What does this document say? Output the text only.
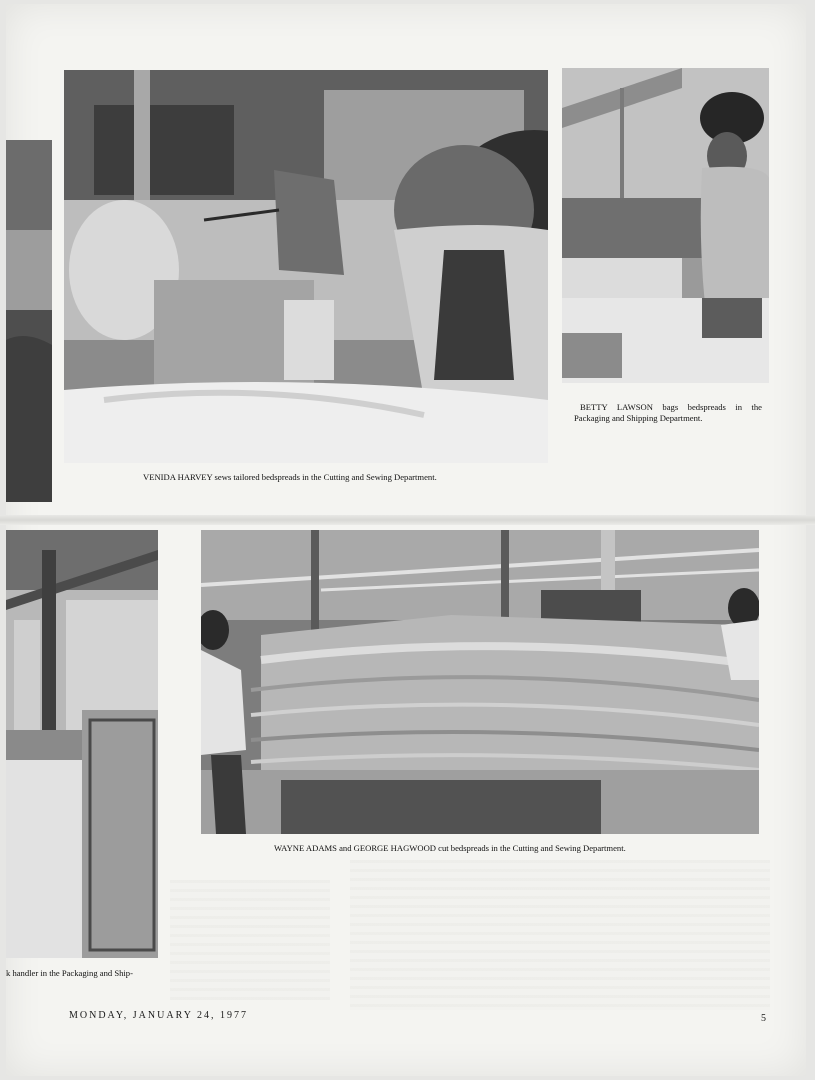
VENIDA HARVEY sews tailored bedspreads in the Cutting and Sewing Department.
BETTY LAWSON bags bedspreads in the Packaging and Shipping Department.
WAYNE ADAMS and GEORGE HAGWOOD cut bedspreads in the Cutting and Sewing Department.
k handler in the Packaging and Ship-
MONDAY, JANUARY 24, 1977	5
